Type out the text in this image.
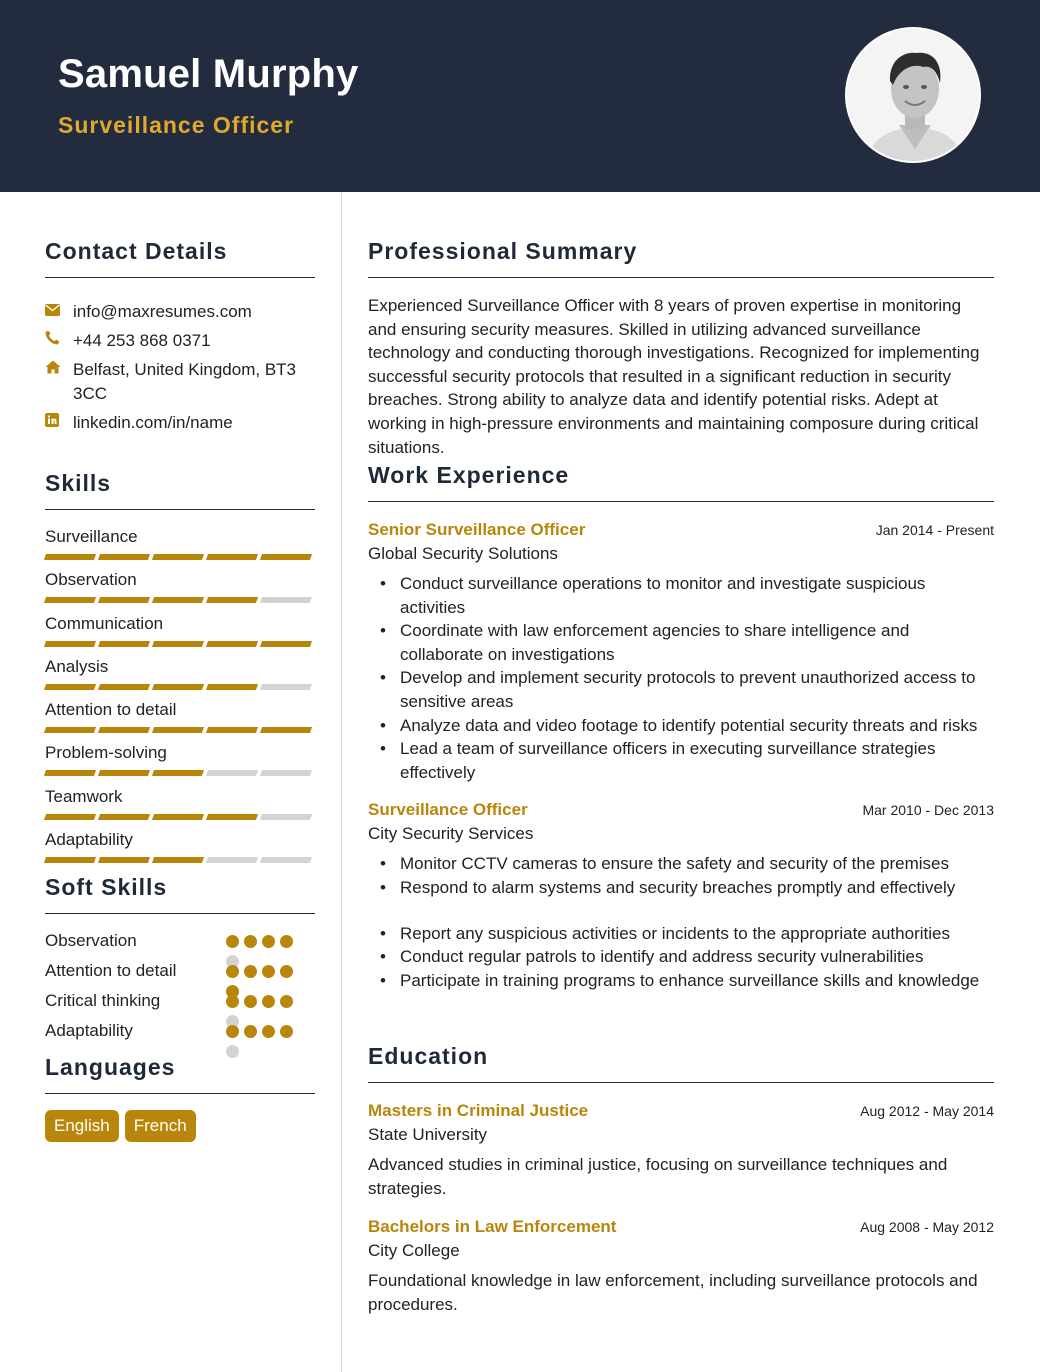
Samuel Murphy
Surveillance Officer
Contact Details
info@maxresumes.com
+44 253 868 0371
Belfast, United Kingdom, BT3 3CC
linkedin.com/in/name
Skills
Surveillance
Observation
Communication
Analysis
Attention to detail
Problem-solving
Teamwork
Adaptability
Soft Skills
Observation
Attention to detail
Critical thinking
Adaptability
Languages
English	French
Professional Summary

Experienced Surveillance Officer with 8 years of proven expertise in monitoring and ensuring security measures. Skilled in utilizing advanced surveillance technology and conducting thorough investigations. Recognized for implementing successful security protocols that resulted in a significant reduction in security breaches. Strong ability to analyze data and identify potential risks. Adept at working in high-pressure environments and maintaining composure during critical situations.

Work Experience
Senior Surveillance Officer	Jan 2014 - Present
Global Security Solutions
• Conduct surveillance operations to monitor and investigate suspicious activities
• Coordinate with law enforcement agencies to share intelligence and collaborate on investigations
• Develop and implement security protocols to prevent unauthorized access to sensitive areas
• Analyze data and video footage to identify potential security threats and risks
• Lead a team of surveillance officers in executing surveillance strategies effectively
Surveillance Officer	Mar 2010 - Dec 2013
City Security Services
• Monitor CCTV cameras to ensure the safety and security of the premises
• Respond to alarm systems and security breaches promptly and effectively
• Report any suspicious activities or incidents to the appropriate authorities
• Conduct regular patrols to identify and address security vulnerabilities
• Participate in training programs to enhance surveillance skills and knowledge
Education
Masters in Criminal Justice	Aug 2012 - May 2014
State University

Advanced studies in criminal justice, focusing on surveillance techniques and strategies.

Bachelors in Law Enforcement	Aug 2008 - May 2012
City College

Foundational knowledge in law enforcement, including surveillance protocols and procedures.
